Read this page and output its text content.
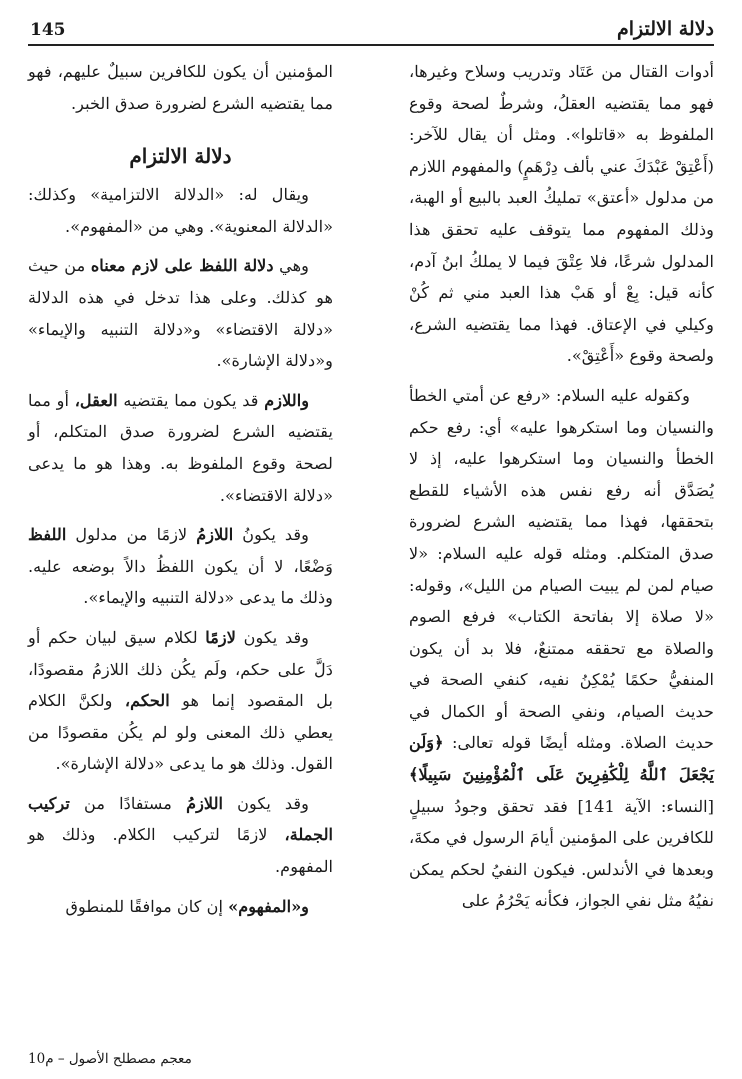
145	دلالة الالتزام

أدوات القتال من عَتَاد وتدريب وسلاح وغيرها، فهو مما يقتضيه العقلُ، وشرطٌ لصحة وقوع الملفوظ به «قاتلوا». ومثل أن يقال للآخر: (أَعْتِقْ عَبْدَكَ عني بألف دِرْهَمٍ) والمفهوم اللازم من مدلول «أعتق» تمليكُ العبد بالبيع أو الهبة، وذلك المفهوم مما يتوقف عليه تحقق هذا المدلول شرعًا، فلا عِتْقَ فيما لا يملكُ ابنُ آدم، كأنه قيل: بِعْ أو هَبْ هذا العبد مني ثم كُنْ وكيلي في الإعتاق. فهذا مما يقتضيه الشرع، ولصحة وقوع «أَعْتِقْ».

وكقوله عليه السلام: «رفع عن أمتي الخطأ والنسيان وما استكرهوا عليه» أي: رفع حكم الخطأ والنسيان وما استكرهوا عليه، إذ لا يُصَدَّق أنه رفع نفس هذه الأشياء للقطع بتحققها، فهذا مما يقتضيه الشرع لضرورة صدق المتكلم. ومثله قوله عليه السلام: «لا صيام لمن لم يبيت الصيام من الليل»، وقوله: «لا صلاة إلا بفاتحة الكتاب» فرفع الصوم والصلاة مع تحققه ممتنعٌ، فلا بد أن يكون المنفيُّ حكمًا يُمْكِنُ نفيه، كنفي الصحة في حديث الصيام، ونفي الصحة أو الكمال في حديث الصلاة. ومثله أيضًا قوله تعالى: ﴿وَلَن يَجْعَلَ ٱللَّهُ لِلْكَٰفِرِينَ عَلَى ٱلْمُؤْمِنِينَ سَبِيلًا﴾ [النساء: الآية 141] فقد تحقق وجودُ سبيلٍ للكافرين على المؤمنين أيامَ الرسول في مكةَ، وبعدها في الأندلس. فيكون النفيُ لحكم يمكن نفيُهُ مثل نفي الجواز، فكأنه يَحْرُمُ على

المؤمنين أن يكون للكافرين سبيلٌ عليهم، فهو مما يقتضيه الشرع لضرورة صدق الخبر.

دلالة الالتزام

ويقال له: «الدلالة الالتزامية» وكذلك: «الدلالة المعنوية». وهي من «المفهوم».

وهي دلالة اللفظ على لازم معناه من حيث هو كذلك. وعلى هذا تدخل في هذه الدلالة «دلالة الاقتضاء» و«دلالة التنبيه والإيماء» و«دلالة الإشارة».

واللازم قد يكون مما يقتضيه العقل، أو مما يقتضيه الشرع لضرورة صدق المتكلم، أو لصحة وقوع الملفوظ به. وهذا هو ما يدعى «دلالة الاقتضاء».

وقد يكونُ اللازمُ لازمًا من مدلول اللفظ وَضْعًا، لا أن يكون اللفظُ دالاً بوضعه عليه. وذلك ما يدعى «دلالة التنبيه والإيماء».

وقد يكون لازمًا لكلام سيق لبيان حكم أو دَلَّ على حكم، ولَم يكُن ذلك اللازمُ مقصودًا، بل المقصود إنما هو الحكم، ولكنَّ الكلام يعطي ذلك المعنى ولو لم يكُن مقصودًا من القول. وذلك هو ما يدعى «دلالة الإشارة».

وقد يكون اللازمُ مستفادًا من تركيب الجملة، لازمًا لتركيب الكلام. وذلك هو المفهوم.

و«المفهوم» إن كان موافقًا للمنطوق

معجم مصطلح الأصول – م10
